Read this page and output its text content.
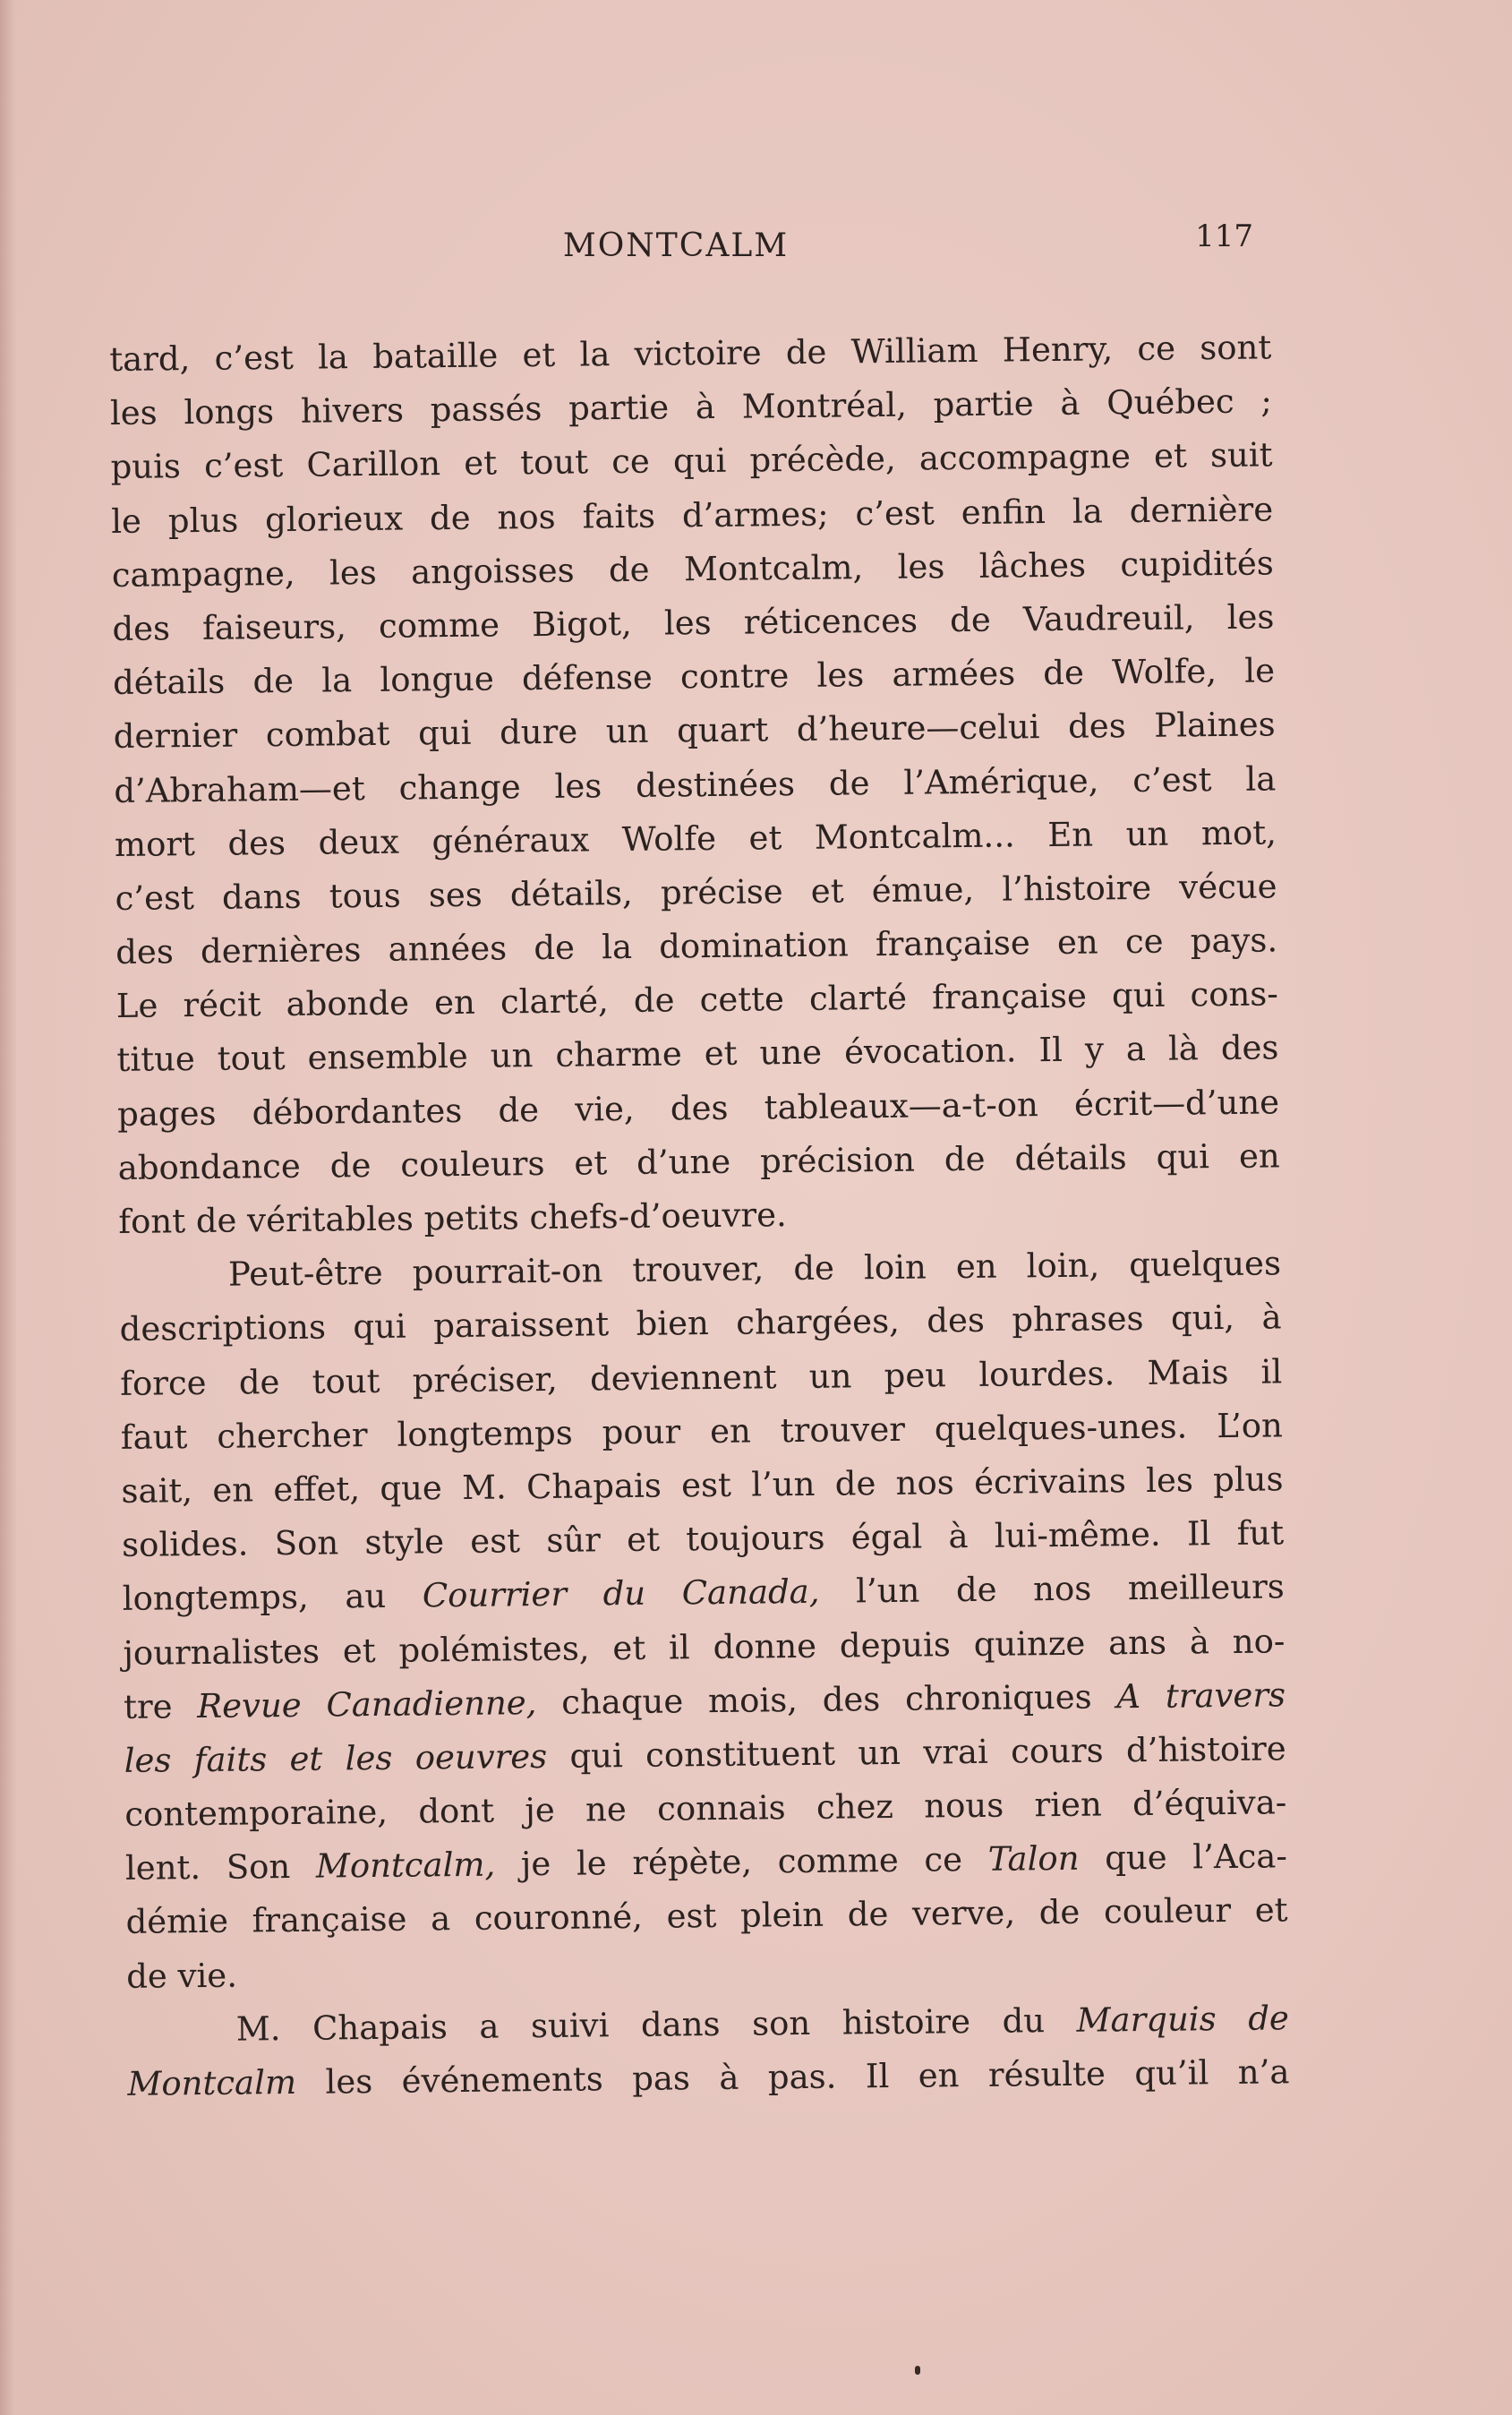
MONTCALM	117
tard, c’est la bataille et la victoire de William Henry, ce sont
les longs hivers passés partie à Montréal, partie à Québec ;
puis c’est Carillon et tout ce qui précède, accompagne et suit
le plus glorieux de nos faits d’armes; c’est enfin la dernière
campagne, les angoisses de Montcalm, les lâches cupidités
des faiseurs, comme Bigot, les réticences de Vaudreuil, les
détails de la longue défense contre les armées de Wolfe, le
dernier combat qui dure un quart d’heure—celui des Plaines
d’Abraham—et change les destinées de l’Amérique, c’est la
mort des deux généraux Wolfe et Montcalm... En un mot,
c’est dans tous ses détails, précise et émue, l’histoire vécue
des dernières années de la domination française en ce pays.
Le récit abonde en clarté, de cette clarté française qui cons-
titue tout ensemble un charme et une évocation. Il y a là des
pages débordantes de vie, des tableaux—a-t-on écrit—d’une
abondance de couleurs et d’une précision de détails qui en
font de véritables petits chefs-d’oeuvre.
Peut-être pourrait-on trouver, de loin en loin, quelques
descriptions qui paraissent bien chargées, des phrases qui, à
force de tout préciser, deviennent un peu lourdes. Mais il
faut chercher longtemps pour en trouver quelques-unes. L’on
sait, en effet, que M. Chapais est l’un de nos écrivains les plus
solides. Son style est sûr et toujours égal à lui-même. Il fut
longtemps, au Courrier du Canada, l’un de nos meilleurs
journalistes et polémistes, et il donne depuis quinze ans à no-
tre Revue Canadienne, chaque mois, des chroniques A travers
les faits et les oeuvres qui constituent un vrai cours d’histoire
contemporaine, dont je ne connais chez nous rien d’équiva-
lent. Son Montcalm, je le répète, comme ce Talon que l’Aca-
démie française a couronné, est plein de verve, de couleur et
de vie.
M. Chapais a suivi dans son histoire du Marquis de
Montcalm les événements pas à pas. Il en résulte qu’il n’a
